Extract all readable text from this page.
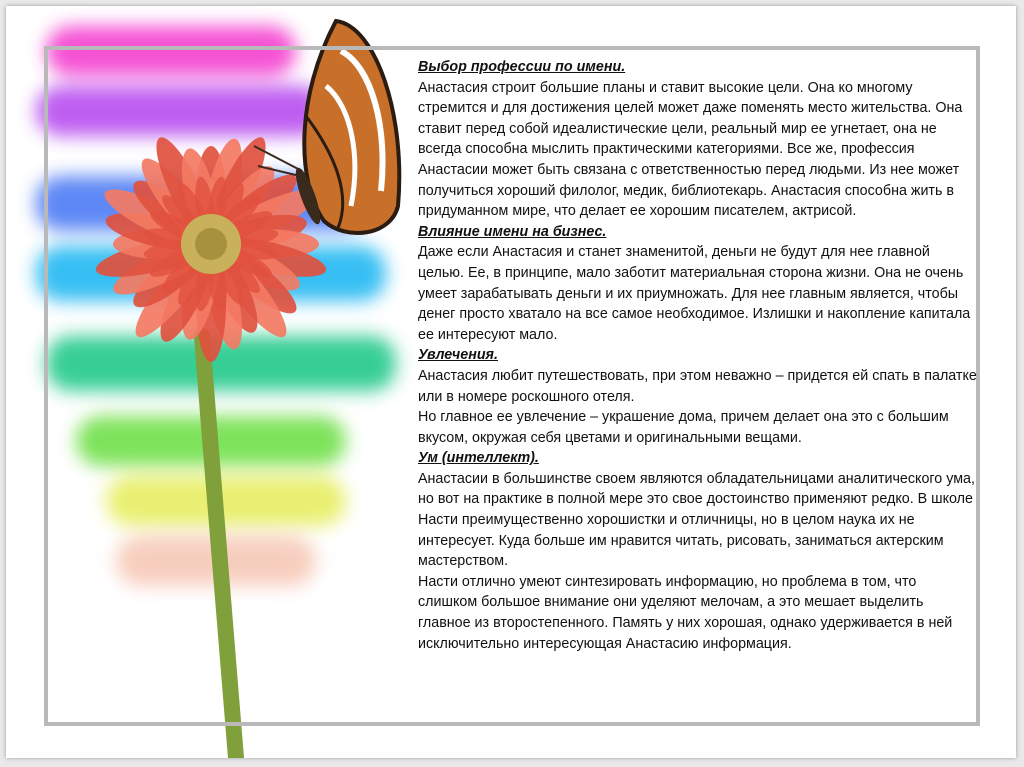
Выбор профессии по имени.

Анастасия строит большие планы и ставит высокие цели. Она ко многому стремится и для достижения целей может даже поменять место жительства. Она ставит перед собой идеалистические цели, реальный мир ее угнетает, она не всегда способна мыслить практическими категориями. Все же, профессия Анастасии может быть связана с ответственностью перед людьми. Из нее может получиться хороший филолог, медик, библиотекарь. Анастасия способна жить в придуманном мире, что делает ее хорошим писателем, актрисой.

Влияние имени на бизнес.

Даже если Анастасия и станет знаменитой, деньги не будут для нее главной целью. Ее, в принципе, мало заботит материальная сторона жизни. Она не очень умеет зарабатывать деньги и их приумножать. Для нее главным является, чтобы денег просто хватало на все самое необходимое. Излишки и накопление капитала ее интересуют мало.

Увлечения.

Анастасия любит путешествовать, при этом неважно – придется ей спать в палатке или в номере роскошного отеля.

Но главное ее увлечение – украшение дома, причем делает она это с большим вкусом, окружая себя цветами и оригинальными вещами.

Ум (интеллект).

Анастасии в большинстве своем являются обладательницами аналитического ума, но вот на практике в полной мере это свое достоинство применяют редко. В школе Насти преимущественно хорошистки и отличницы, но в целом наука их не интересует. Куда больше им нравится читать, рисовать, заниматься актерским мастерством.

Насти отлично умеют синтезировать информацию, но проблема в том, что слишком большое внимание они уделяют мелочам, а это мешает выделить главное из второстепенного. Память у них хорошая, однако удерживается в ней исключительно интересующая Анастасию информация.
